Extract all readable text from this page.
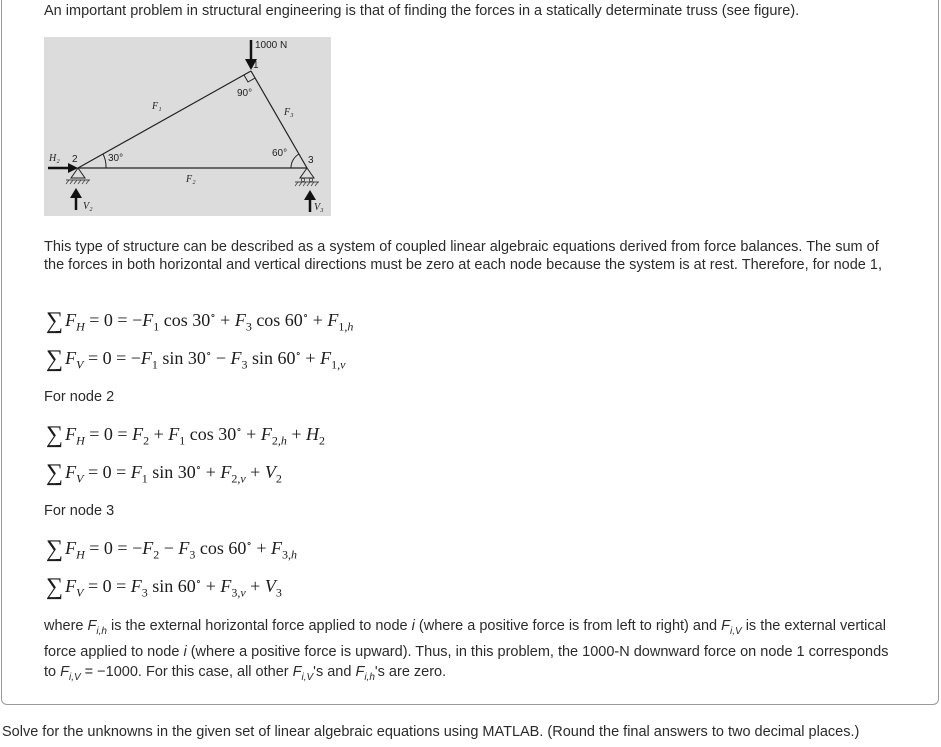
An important problem in structural engineering is that of finding the forces in a statically determinate truss (see figure).
1000 N
1
90°
F₁
F₃
60°
3
H₂ 2	30°
F₂
V₂	V₃
This type of structure can be described as a system of coupled linear algebraic equations derived from force balances. The sum of the forces in both horizontal and vertical directions must be zero at each node because the system is at rest. Therefore, for node 1,
∑ $F_H = 0 = -F_1$ $\cos 30^\circ + F_3$ $\cos 60^\circ + F_{1,h}$
∑ $F_V = 0 = -F_1$ $\sin 30^\circ - F_3$ $\sin 60^\circ + F_{1,v}$
For node 2
∑ $F_H = 0 = F_2 + F_1$ $\cos 30^\circ + F_{2,h} + H_2$
∑ $F_V = 0 = F_1$ $\sin 30^\circ + F_{2,v} + V_2$
For node 3
∑ $F_H = 0 = -F_2 - F_3$ $\cos 60^\circ + F_{3,h}$
∑ $F_V = 0 = F_3$ $\sin 60^\circ + F_{3,v} + V_3$
where $F_{i,h}$ is the external horizontal force applied to node i (where a positive force is from left to right) and $F_{i,V}$ is the external vertical force applied to node i (where a positive force is upward). Thus, in this problem, the 1000-N downward force on node 1 corresponds to $F_{i,V} = -1000$. For this case, all other $F_{i,V}'s$ and $F_{i,h}'s$ are zero.
Solve for the unknowns in the given set of linear algebraic equations using MATLAB. (Round the final answers to two decimal places.)
